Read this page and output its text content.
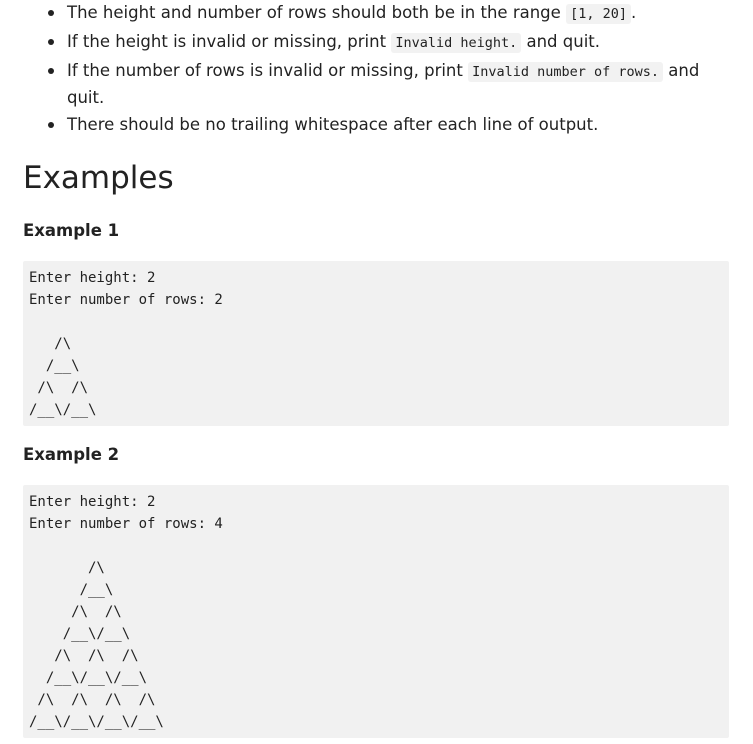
The height and number of rows should both be in the range [1, 20] .
If the height is invalid or missing, print Invalid height. and quit.
If the number of rows is invalid or missing, print Invalid number of rows. and quit.
There should be no trailing whitespace after each line of output.
Examples
Example 1
Enter height: 2
Enter number of rows: 2

/\
/__\
/\  /\
/__\/__\
Example 2
Enter height: 2
Enter number of rows: 4

/\
/__\
/\  /\
/__\/__\
/\  /\  /\
/__\/__\/__\
/\  /\  /\  /\
/__\/__\/__\/__\
